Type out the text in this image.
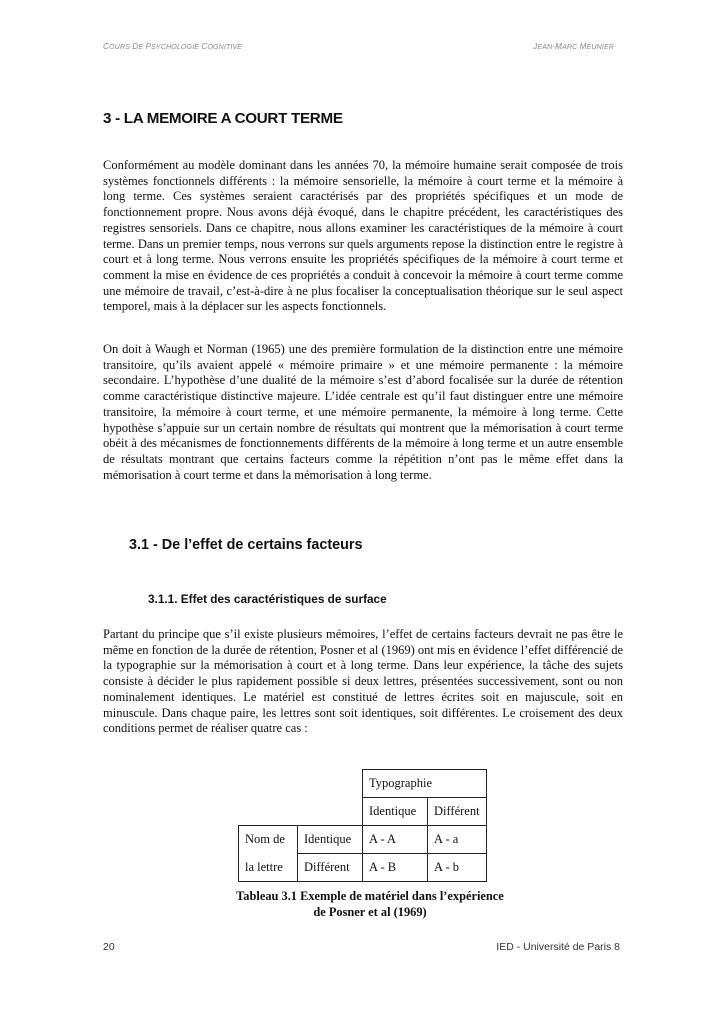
COURS DE PSYCHOLOGIE COGNITIVE	JEAN-MARC MEUNIER
3 - LA MEMOIRE A COURT TERME

Conformément au modèle dominant dans les années 70, la mémoire humaine serait composée de trois systèmes fonctionnels différents : la mémoire sensorielle, la mémoire à court terme et la mémoire à long terme. Ces systèmes seraient caractérisés par des propriétés spécifiques et un mode de fonctionnement propre. Nous avons déjà évoqué, dans le chapitre précédent, les caractéristiques des registres sensoriels. Dans ce chapitre, nous allons examiner les caractéristiques de la mémoire à court terme. Dans un premier temps, nous verrons sur quels arguments repose la distinction entre le registre à court et à long terme. Nous verrons ensuite les propriétés spécifiques de la mémoire à court terme et comment la mise en évidence de ces propriétés a conduit à concevoir la mémoire à court terme comme une mémoire de travail, c’est-à-dire à ne plus focaliser la conceptualisation théorique sur le seul aspect temporel, mais à la déplacer sur les aspects fonctionnels.

On doit à Waugh et Norman (1965) une des première formulation de la distinction entre une mémoire transitoire, qu’ils avaient appelé « mémoire primaire » et une mémoire permanente : la mémoire secondaire. L’hypothèse d’une dualité de la mémoire s’est d’abord focalisée sur la durée de rétention comme caractéristique distinctive majeure. L’idée centrale est qu’il faut distinguer entre une mémoire transitoire, la mémoire à court terme, et une mémoire permanente, la mémoire à long terme. Cette hypothèse s’appuie sur un certain nombre de résultats qui montrent que la mémorisation à court terme obéit à des mécanismes de fonctionnements différents de la mémoire à long terme et un autre ensemble de résultats montrant que certains facteurs comme la répétition n’ont pas le même effet dans la mémorisation à court terme et dans la mémorisation à long terme.

3.1 - De l’effet de certains facteurs
3.1.1. Effet des caractéristiques de surface

Partant du principe que s’il existe plusieurs mémoires, l’effet de certains facteurs devrait ne pas être le même en fonction de la durée de rétention, Posner et al (1969) ont mis en évidence l’effet différencié de la typographie sur la mémorisation à court et à long terme. Dans leur expérience, la tâche des sujets consiste à décider le plus rapidement possible si deux lettres, présentées successivement, sont ou non nominalement identiques. Le matériel est constitué de lettres écrites soit en majuscule, soit en minuscule. Dans chaque paire, les lettres sont soit identiques, soit différentes. Le croisement des deux conditions permet de réaliser quatre cas :

		Typographie	
		Identique	Différent
Nom de	Identique	A - A	A - a
la lettre	Différent	A - B	A - b
Tableau 3.1 Exemple de matériel dans l’expérience
de Posner et al (1969)
20	IED - Université de Paris 8
